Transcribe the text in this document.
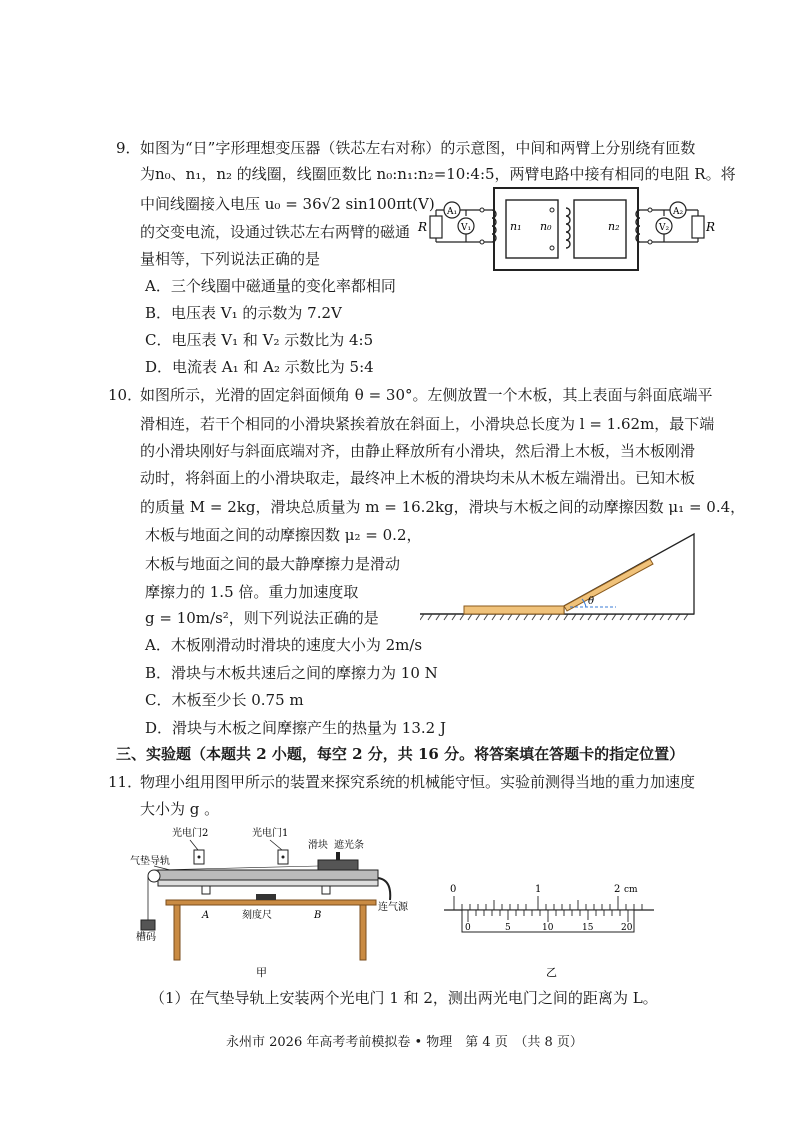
9． 如图为“日”字形理想变压器（铁芯左右对称）的示意图，中间和两臂上分别绕有匝数
为n₀、n₁，n₂ 的线圈，线圈匝数比 n₀:n₁:n₂=10:4:5，两臂电路中接有相同的电阻 R。将
中间线圈接入电压 u₀ = 36√2 sin100πt(V)
的交变电流，设通过铁芯左右两臂的磁通
量相等，下列说法正确的是
A．三个线圈中磁通量的变化率都相同
B．电压表 V₁ 的示数为 7.2V
C．电压表 V₁ 和 V₂ 示数比为 4:5
D．电流表 A₁ 和 A₂ 示数比为 5:4
R
A₁
V₁	n₁ n₀	n₂
A₂
V₂	R
10．
如图所示，光滑的固定斜面倾角 θ = 30°。左侧放置一个木板，其上表面与斜面底端平
滑相连，若干个相同的小滑块紧挨着放在斜面上，小滑块总长度为 l = 1.62m，最下端
的小滑块刚好与斜面底端对齐，由静止释放所有小滑块，然后滑上木板，当木板刚滑
动时，将斜面上的小滑块取走，最终冲上木板的滑块均未从木板左端滑出。已知木板
的质量 M = 2kg，滑块总质量为 m = 16.2kg，滑块与木板之间的动摩擦因数 μ₁ = 0.4，
木板与地面之间的动摩擦因数 μ₂ = 0.2，
木板与地面之间的最大静摩擦力是滑动
摩擦力的 1.5 倍。重力加速度取
g = 10m/s²，则下列说法正确的是
A．木板刚滑动时滑块的速度大小为 2m/s
B．滑块与木板共速后之间的摩擦力为 10 N
C．木板至少长 0.75 m
D．滑块与木板之间摩擦产生的热量为 13.2 J
θ
三、实验题（本题共 2 小题，每空 2 分，共 16 分。将答案填在答题卡的指定位置）
11．
物理小组用图甲所示的装置来探究系统的机械能守恒。实验前测得当地的重力加速度
大小为 g 。
光电门2	光电门1
滑块 遮光条
气垫导轨
槽码
A	刻度尺	B
连气源
甲
0	1	2 cm
0	5	10	15	20
乙
（1）在气垫导轨上安装两个光电门 1 和 2，测出两光电门之间的距离为 L。
永州市 2026 年高考考前模拟卷 • 物理　第 4 页　（共 8 页）
